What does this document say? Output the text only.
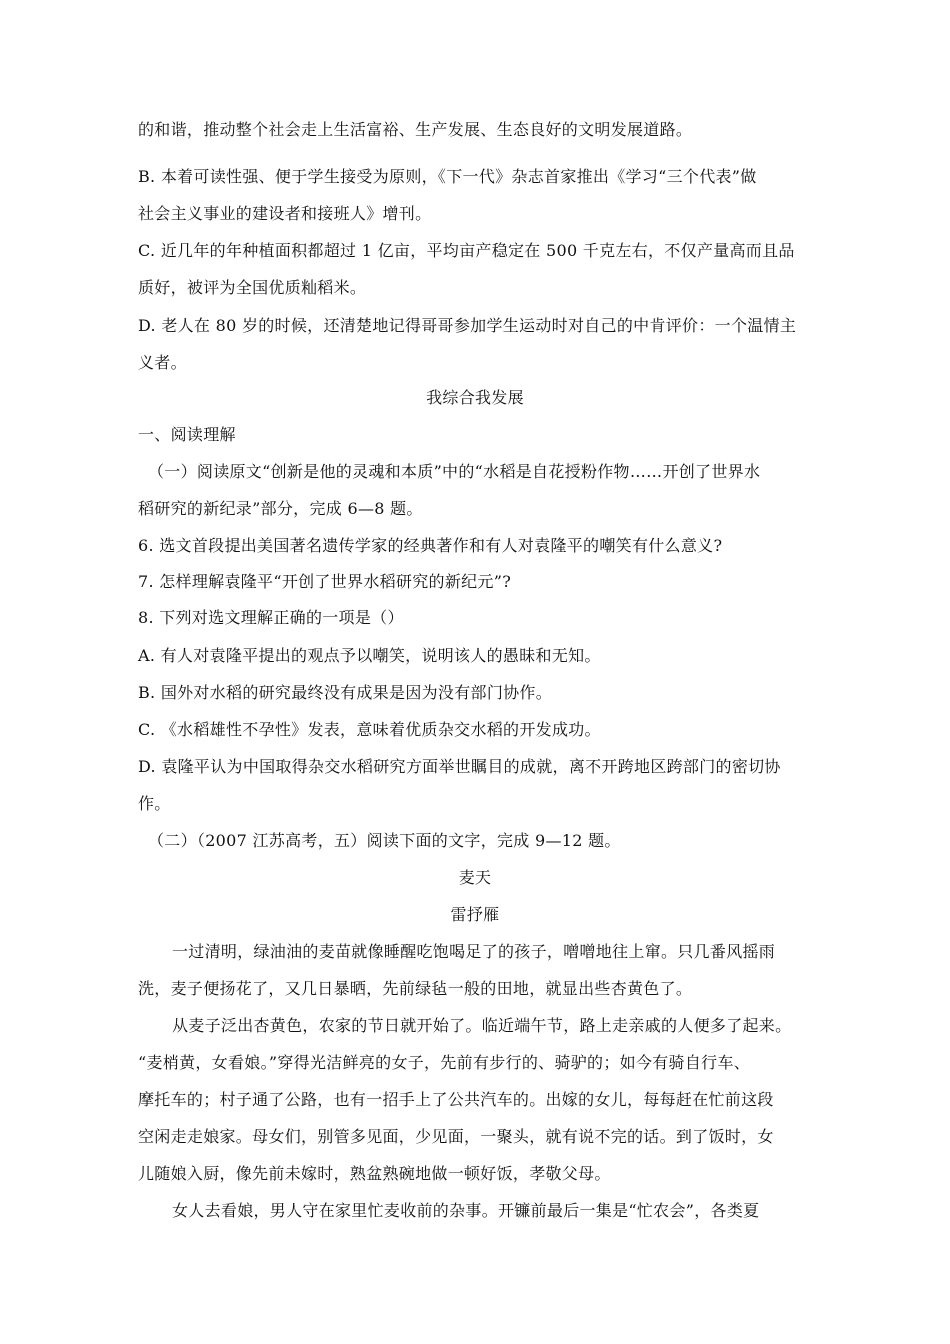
的和谐，推动整个社会走上生活富裕、生产发展、生态良好的文明发展道路。
B. 本着可读性强、便于学生接受为原则，《下一代》杂志首家推出《学习“三个代表”做
社会主义事业的建设者和接班人》增刊。
C. 近几年的年种植面积都超过 1 亿亩，平均亩产稳定在 500 千克左右，不仅产量高而且品
质好，被评为全国优质籼稻米。
D. 老人在 80 岁的时候，还清楚地记得哥哥参加学生运动时对自己的中肯评价：一个温情主
义者。
我综合我发展
一、阅读理解
（一）阅读原文“创新是他的灵魂和本质”中的“水稻是自花授粉作物……开创了世界水
稻研究的新纪录”部分，完成 6—8 题。
6. 选文首段提出美国著名遗传学家的经典著作和有人对袁隆平的嘲笑有什么意义?
7. 怎样理解袁隆平“开创了世界水稻研究的新纪元”?
8. 下列对选文理解正确的一项是（）
A. 有人对袁隆平提出的观点予以嘲笑，说明该人的愚昧和无知。
B. 国外对水稻的研究最终没有成果是因为没有部门协作。
C. 《水稻雄性不孕性》发表，意味着优质杂交水稻的开发成功。
D. 袁隆平认为中国取得杂交水稻研究方面举世瞩目的成就，离不开跨地区跨部门的密切协
作。
（二）（2007 江苏高考，五）阅读下面的文字，完成 9—12 题。
麦天
雷抒雁
一过清明，绿油油的麦苗就像睡醒吃饱喝足了的孩子，噌噌地往上窜。只几番风摇雨
洗，麦子便扬花了，又几日暴晒，先前绿毡一般的田地，就显出些杏黄色了。
从麦子泛出杏黄色，农家的节日就开始了。临近端午节，路上走亲戚的人便多了起来。
“麦梢黄，女看娘。”穿得光洁鲜亮的女子，先前有步行的、骑驴的；如今有骑自行车、
摩托车的；村子通了公路，也有一招手上了公共汽车的。出嫁的女儿，每每赶在忙前这段
空闲走走娘家。母女们，别管多见面，少见面，一聚头，就有说不完的话。到了饭时，女
儿随娘入厨，像先前未嫁时，熟盆熟碗地做一顿好饭，孝敬父母。
女人去看娘，男人守在家里忙麦收前的杂事。开镰前最后一集是“忙农会”，各类夏
